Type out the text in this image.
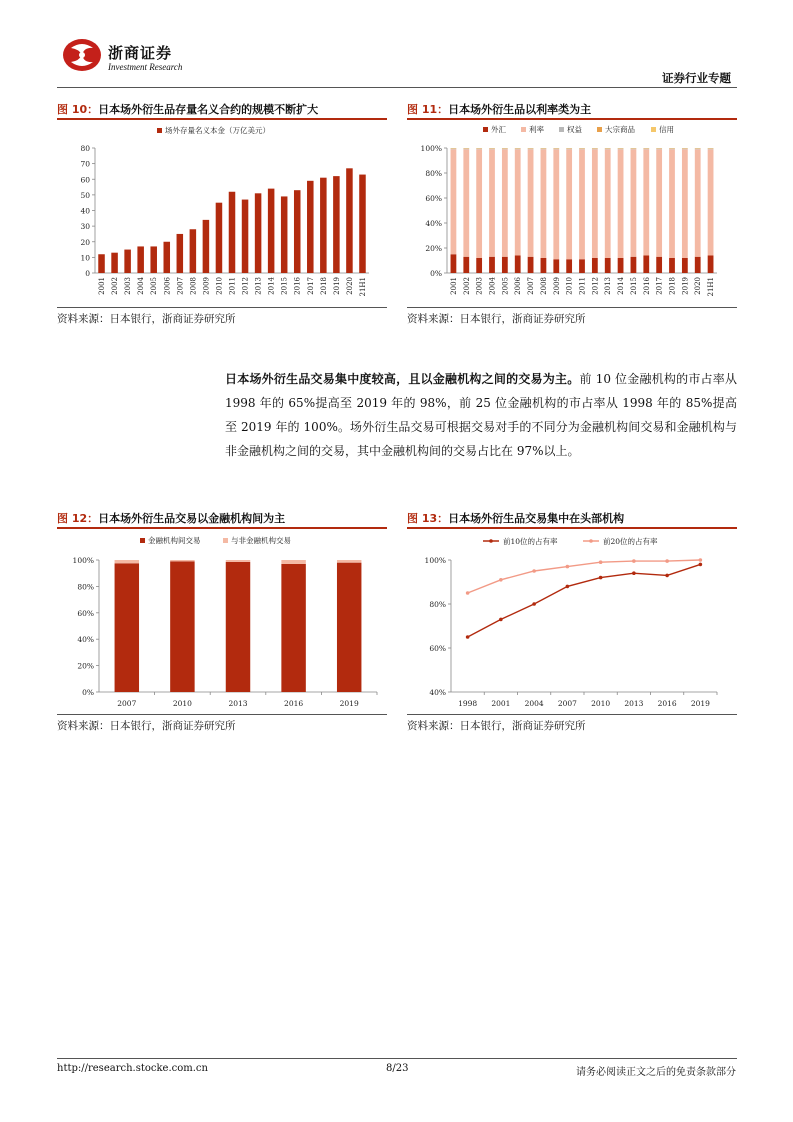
浙商证券
Investment Research
证券行业专题
图 10：日本场外衍生品存量名义合约的规模不断扩大
场外存量名义本金（万亿美元）
0
10
20
30
40
50
60
70
80
2001 2002 2003 2004 2005 2006 2007 2008 2009 2010 2011 2012 2013 2014 2015 2016 2017 2018 2019 2020 21H1
资料来源：日本银行，浙商证券研究所
图 11：日本场外衍生品以利率类为主
外汇	利率	权益	大宗商品	信用
0%
20%
40%
60%
80%
100%
2001 2002 2003 2004 2005 2006 2007 2008 2009 2010 2011 2012 2013 2014 2015 2016 2017 2018 2019 2020 21H1
资料来源：日本银行，浙商证券研究所
日本场外衍生品交易集中度较高，且以金融机构之间的交易为主。前 10 位金融机构的市占率从 1998 年的 65%提高至 2019 年的 98%，前 25 位金融机构的市占率从 1998 年的 85%提高至 2019 年的 100%。场外衍生品交易可根据交易对手的不同分为金融机构间交易和金融机构与非金融机构之间的交易，其中金融机构间的交易占比在 97%以上。
图 12：日本场外衍生品交易以金融机构间为主
金融机构间交易	与非金融机构交易
0%
20%
40%
60%
80%
100%
2007	2010	2013	2016	2019
资料来源：日本银行，浙商证券研究所
图 13：日本场外衍生品交易集中在头部机构
前10位的占有率	前20位的占有率
40%
60%
80%
100%
1998 2001 2004 2007 2010 2013 2016 2019
资料来源：日本银行，浙商证券研究所
http://research.stocke.com.cn	8/23	请务必阅读正文之后的免责条款部分
